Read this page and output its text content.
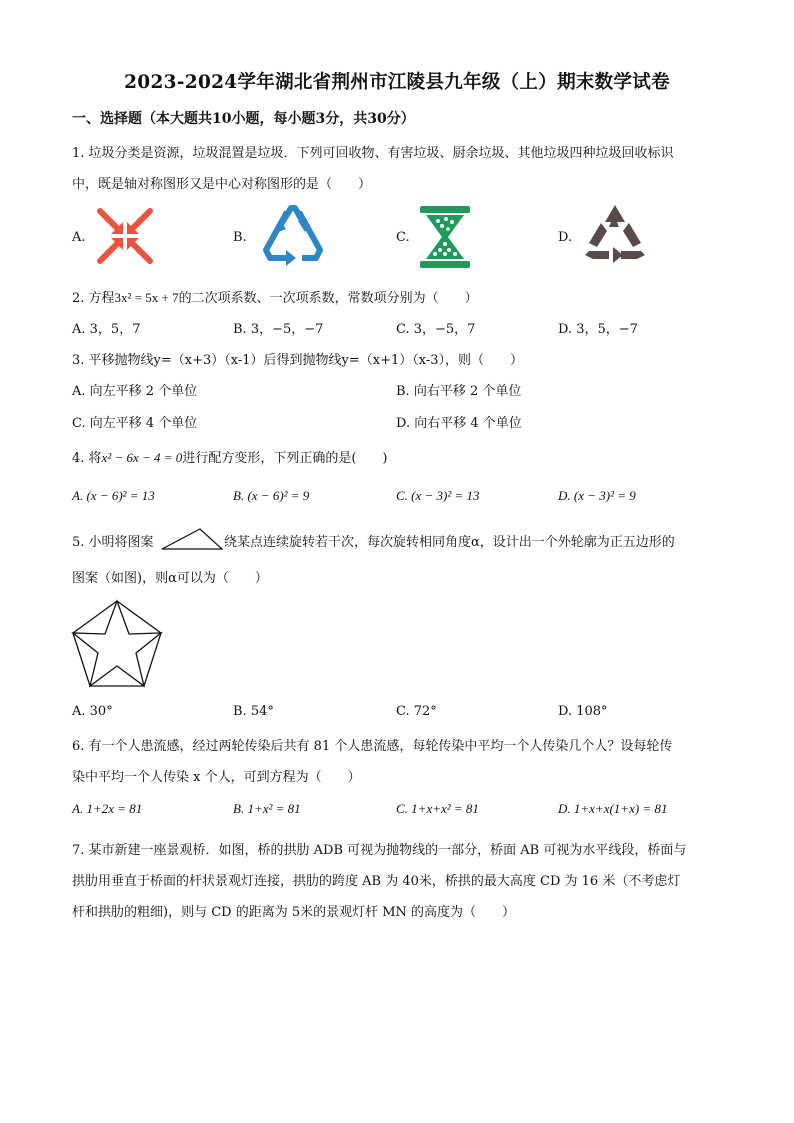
2023-2024学年湖北省荆州市江陵县九年级（上）期末数学试卷
一、选择题（本大题共10小题，每小题3分，共30分）
1. 垃圾分类是资源，垃圾混置是垃圾．下列可回收物、有害垃圾、厨余垃圾、其他垃圾四种垃圾回收标识
中，既是轴对称图形又是中心对称图形的是（　　）
A.	B.	C.	D.
2. 方程3x² = 5x + 7的二次项系数、一次项系数，常数项分别为（　　）
A. 3，5，7	B. 3，−5，−7	C. 3，−5，7	D. 3，5，−7
3. 平移抛物线y=（x+3）（x-1）后得到抛物线y=（x+1）（x-3），则（　　）
A. 向左平移 2 个单位	B. 向右平移 2 个单位
C. 向左平移 4 个单位	D. 向右平移 4 个单位
4. 将x² − 6x − 4 = 0进行配方变形，下列正确的是(　　)
A. (x − 6)² = 13	B. (x − 6)² = 9	C. (x − 3)² = 13	D. (x − 3)² = 9
5. 小明将图案	绕某点连续旋转若干次，每次旋转相同角度α，设计出一个外轮廓为正五边形的
图案（如图)，则α可以为（　　）
A. 30°	B. 54°	C. 72°	D. 108°
6. 有一个人患流感，经过两轮传染后共有 81 个人患流感，每轮传染中平均一个人传染几个人？设每轮传
染中平均一个人传染 x 个人，可到方程为（　　）
A. 1+2x = 81	B. 1+x² = 81	C. 1+x+x² = 81	D. 1+x+x(1+x) = 81
7. 某市新建一座景观桥．如图，桥的拱肋 ADB 可视为抛物线的一部分，桥面 AB 可视为水平线段，桥面与
拱肋用垂直于桥面的杆状景观灯连接，拱肋的跨度 AB 为 40米，桥拱的最大高度 CD 为 16 米（不考虑灯
杆和拱肋的粗细)，则与 CD 的距离为 5米的景观灯杆 MN 的高度为（　　）
